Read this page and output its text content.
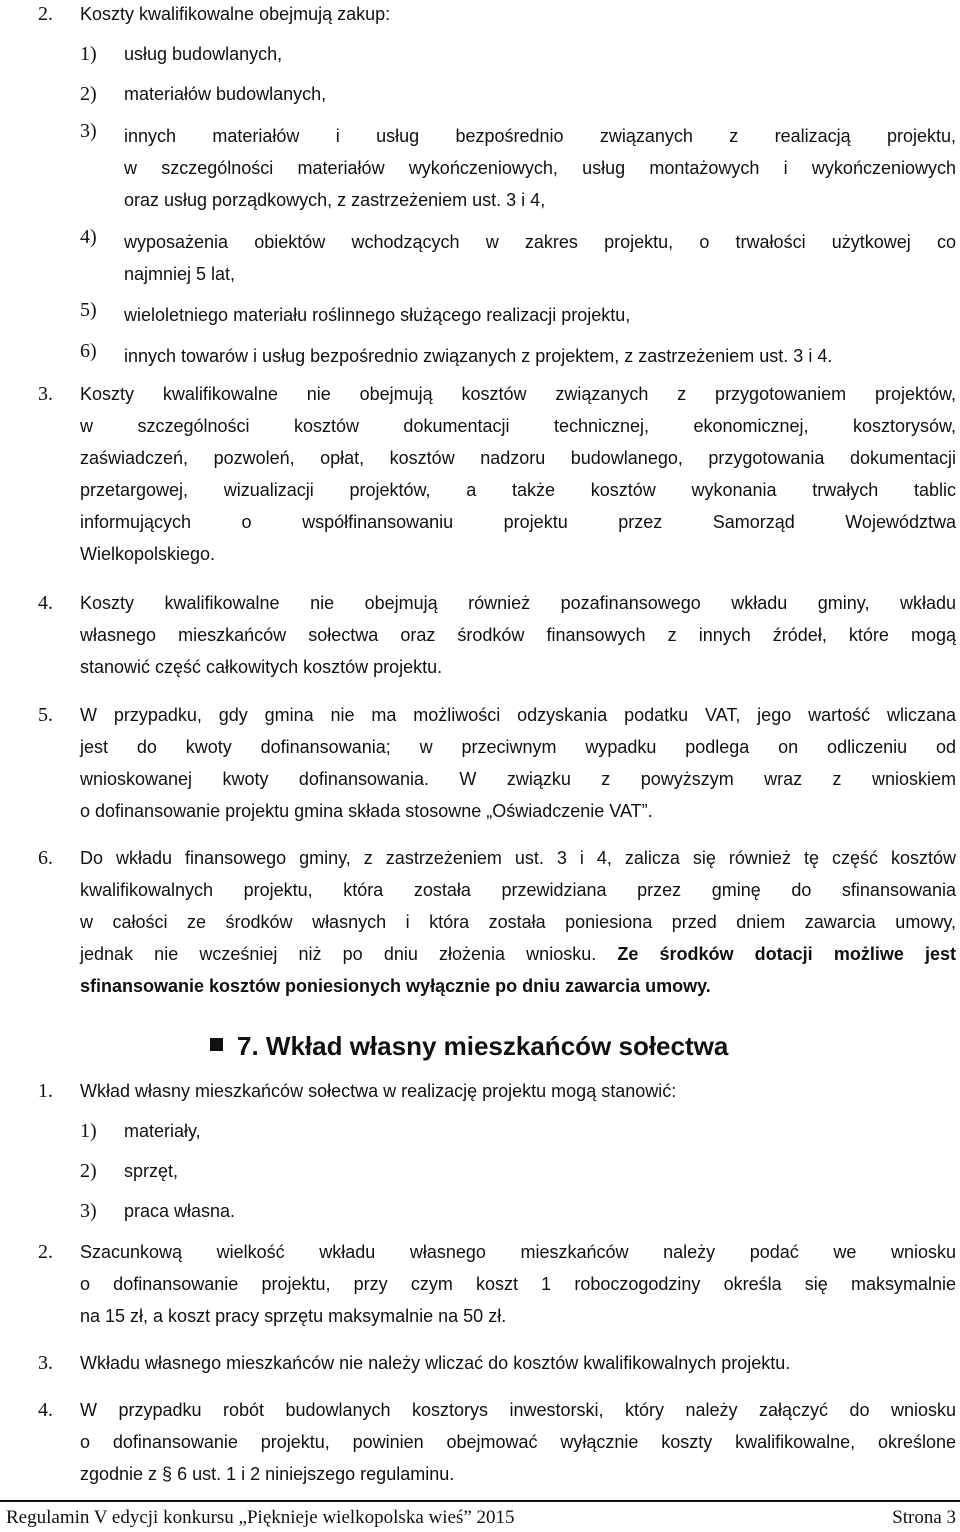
2. Koszty kwalifikowalne obejmują zakup:
1) usług budowlanych,
2) materiałów budowlanych,
3) innych materiałów i usług bezpośrednio związanych z realizacją projektu,
w szczególności materiałów wykończeniowych, usług montażowych i wykończeniowych
oraz usług porządkowych, z zastrzeżeniem ust. 3 i 4,
4) wyposażenia obiektów wchodzących w zakres projektu, o trwałości użytkowej co
najmniej 5 lat,
5) wieloletniego materiału roślinnego służącego realizacji projektu,
6) innych towarów i usług bezpośrednio związanych z projektem, z zastrzeżeniem ust. 3 i 4.
3. Koszty kwalifikowalne nie obejmują kosztów związanych z przygotowaniem projektów,
w szczególności kosztów dokumentacji technicznej, ekonomicznej, kosztorysów,
zaświadczeń, pozwoleń, opłat, kosztów nadzoru budowlanego, przygotowania dokumentacji
przetargowej, wizualizacji projektów, a także kosztów wykonania trwałych tablic
informujących o współfinansowaniu projektu przez Samorząd Województwa
Wielkopolskiego.
4. Koszty kwalifikowalne nie obejmują również pozafinansowego wkładu gminy, wkładu
własnego mieszkańców sołectwa oraz środków finansowych z innych źródeł, które mogą
stanowić część całkowitych kosztów projektu.
5. W przypadku, gdy gmina nie ma możliwości odzyskania podatku VAT, jego wartość wliczana
jest do kwoty dofinansowania; w przeciwnym wypadku podlega on odliczeniu od
wnioskowanej kwoty dofinansowania. W związku z powyższym wraz z wnioskiem
o dofinansowanie projektu gmina składa stosowne „Oświadczenie VAT”.
6. Do wkładu finansowego gminy, z zastrzeżeniem ust. 3 i 4, zalicza się również tę część kosztów
kwalifikowalnych projektu, która została przewidziana przez gminę do sfinansowania
w całości ze środków własnych i która została poniesiona przed dniem zawarcia umowy,
jednak nie wcześniej niż po dniu złożenia wniosku. Ze środków dotacji możliwe jest
sfinansowanie kosztów poniesionych wyłącznie po dniu zawarcia umowy.
7. Wkład własny mieszkańców sołectwa
1. Wkład własny mieszkańców sołectwa w realizację projektu mogą stanowić:
1) materiały,
2) sprzęt,
3) praca własna.
2. Szacunkową wielkość wkładu własnego mieszkańców należy podać we wniosku
o dofinansowanie projektu, przy czym koszt 1 roboczogodziny określa się maksymalnie
na 15 zł, a koszt pracy sprzętu maksymalnie na 50 zł.
3. Wkładu własnego mieszkańców nie należy wliczać do kosztów kwalifikowalnych projektu.
4. W przypadku robót budowlanych kosztorys inwestorski, który należy załączyć do wniosku
o dofinansowanie projektu, powinien obejmować wyłącznie koszty kwalifikowalne, określone
zgodnie z § 6 ust. 1 i 2 niniejszego regulaminu.
Regulamin V edycji konkursu „Pięknieje wielkopolska wieś” 2015	Strona 3
